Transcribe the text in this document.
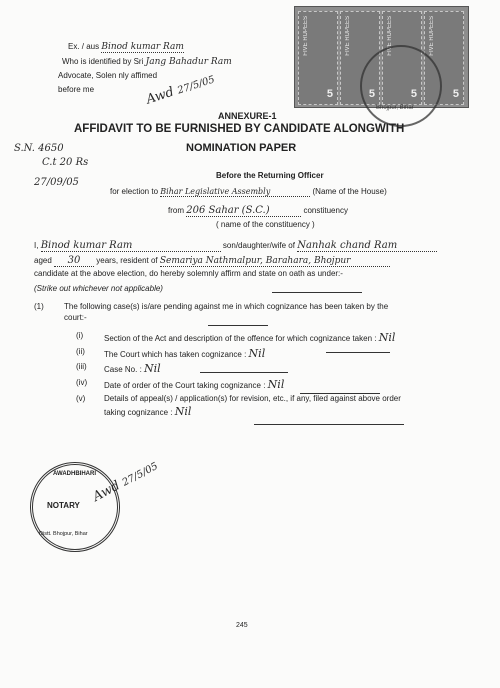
FIVE RUPEES
5
FIVE RUPEES
5
FIVE RUPEES
5
FIVE RUPEES
5
Bhojpur, Bihar
Ex. / aus Binod kumar Ram
Who is identified by Sri Jang Bahadur Ram
Advocate, Solen nly affimed
before me	Awd 27/5/05
ANNEXURE-1
AFFIDAVIT TO BE FURNISHED BY CANDIDATE ALONGWITH
NOMINATION PAPER
S.N. 4650
C.t 20 Rs
27/09/05
Before the Returning Officer
for election to Bihar Legislative Assembly	(Name of the House)
from 206 Sahar (S.C.)	constituency
( name of the constituency )
I, Binod kumar Ram	son/daughter/wife of Nanhak chand Ram
aged 30 years, resident of Semariya Nathmalpur, Barahara, Bhojpur
candidate at the above election, do hereby solemnly affirm and state on oath as under:-
(Strike out whichever not applicable)
(1)	The following case(s) is/are pending against me in which cognizance has been taken by the
court:-
(i)	Section of the Act and description of the offence for which cognizance taken : Nil
(ii) The Court which has taken cognizance : Nil
(iii) Case No. : Nil
(iv) Date of order of the Court taking cognizance : Nil
(v) Details of appeal(s) / application(s) for revision, etc., if any, filed against above order
taking cognizance : Nil
AWADHBIHARI
NOTARY
Distt. Bhojpur, Bihar
Awd 27/5/05
245
